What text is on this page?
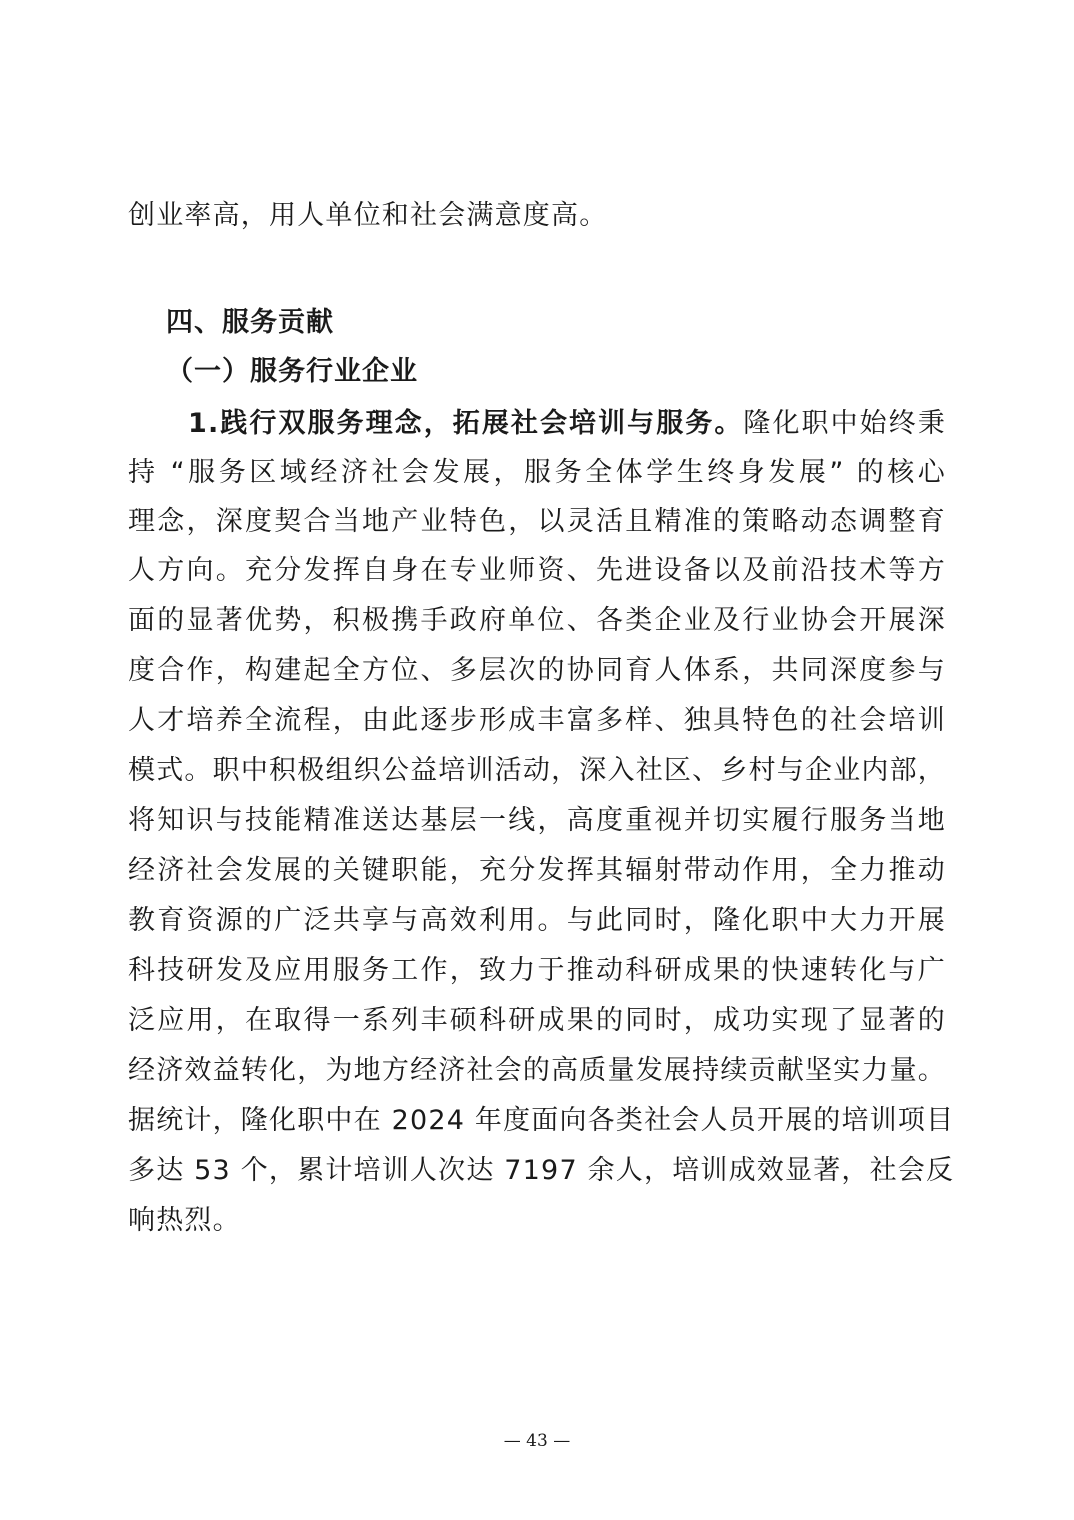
创业率高，用人单位和社会满意度高。
四、服务贡献
（一）服务行业企业
1.践行双服务理念，拓展社会培训与服务。隆化职中始终秉
持 “服务区域经济社会发展，服务全体学生终身发展” 的核心
理念，深度契合当地产业特色，以灵活且精准的策略动态调整育
人方向。充分发挥自身在专业师资、先进设备以及前沿技术等方
面的显著优势，积极携手政府单位、各类企业及行业协会开展深
度合作，构建起全方位、多层次的协同育人体系，共同深度参与
人才培养全流程，由此逐步形成丰富多样、独具特色的社会培训
模式。职中积极组织公益培训活动，深入社区、乡村与企业内部，
将知识与技能精准送达基层一线，高度重视并切实履行服务当地
经济社会发展的关键职能，充分发挥其辐射带动作用，全力推动
教育资源的广泛共享与高效利用。与此同时，隆化职中大力开展
科技研发及应用服务工作，致力于推动科研成果的快速转化与广
泛应用，在取得一系列丰硕科研成果的同时，成功实现了显著的
经济效益转化，为地方经济社会的高质量发展持续贡献坚实力量。
据统计，隆化职中在 2024 年度面向各类社会人员开展的培训项目
多达 53 个，累计培训人次达 7197 余人，培训成效显著，社会反
响热烈。
— 43 —
